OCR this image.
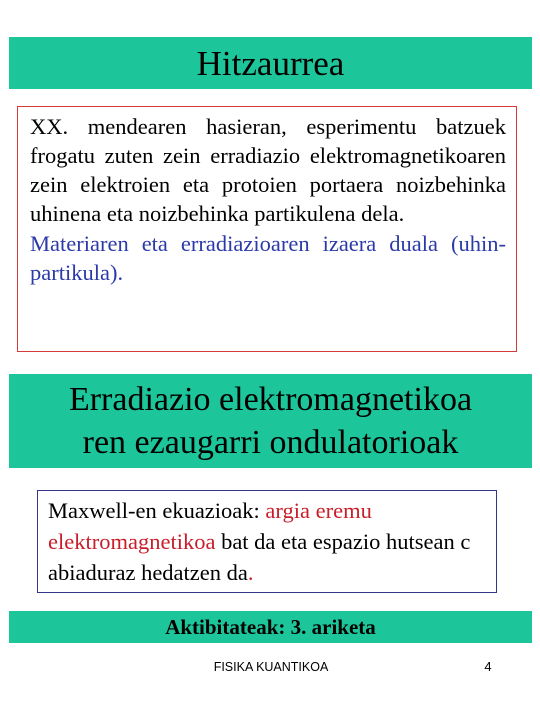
Hitzaurrea

XX. mendearen hasieran, esperimentu batzuek frogatu zuten zein erradiazio elektromagnetikoaren zein elektroien eta protoien portaera noizbehinka uhinena eta noizbehinka partikulena dela.

Materiaren eta erradiazioaren izaera duala (uhin-partikula).

Erradiazio elektromagnetikoa
ren ezaugarri ondulatorioak

Maxwell-en ekuazioak: argia eremu elektromagnetikoa bat da eta espazio hutsean c abiaduraz hedatzen da.

Aktibitateak: 3. ariketa
FISIKA KUANTIKOA	4
